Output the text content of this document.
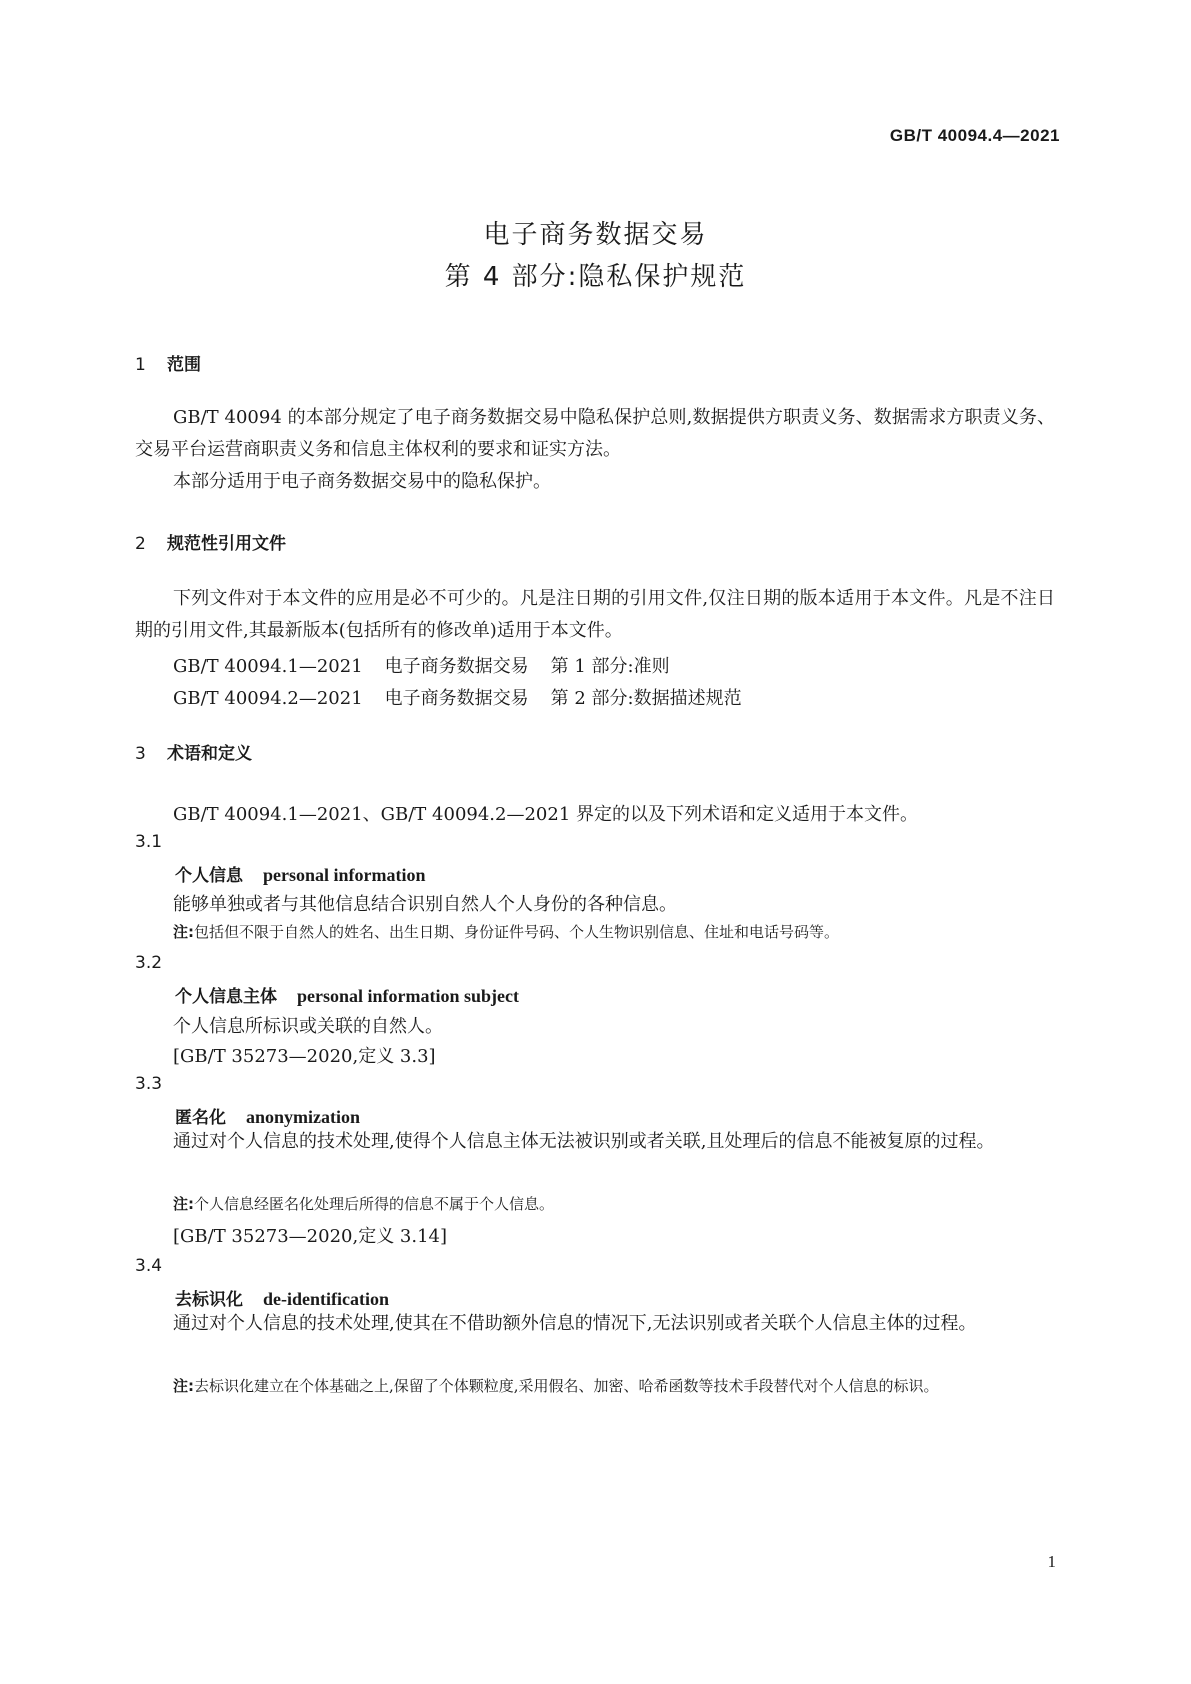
GB/T 40094.4—2021
电子商务数据交易
第 4 部分:隐私保护规范
1 范围
GB/T 40094 的本部分规定了电子商务数据交易中隐私保护总则,数据提供方职责义务、数据需求方职责义务、交易平台运营商职责义务和信息主体权利的要求和证实方法。
本部分适用于电子商务数据交易中的隐私保护。
2 规范性引用文件
下列文件对于本文件的应用是必不可少的。凡是注日期的引用文件,仅注日期的版本适用于本文件。凡是不注日期的引用文件,其最新版本(包括所有的修改单)适用于本文件。
GB/T 40094.1—2021 电子商务数据交易 第 1 部分:准则
GB/T 40094.2—2021 电子商务数据交易 第 2 部分:数据描述规范
3 术语和定义
GB/T 40094.1—2021、GB/T 40094.2—2021 界定的以及下列术语和定义适用于本文件。
3.1
个人信息 personal information
能够单独或者与其他信息结合识别自然人个人身份的各种信息。
注:包括但不限于自然人的姓名、出生日期、身份证件号码、个人生物识别信息、住址和电话号码等。
3.2
个人信息主体 personal information subject
个人信息所标识或关联的自然人。
[GB/T 35273—2020,定义 3.3]
3.3
匿名化 anonymization
通过对个人信息的技术处理,使得个人信息主体无法被识别或者关联,且处理后的信息不能被复原的过程。
注:个人信息经匿名化处理后所得的信息不属于个人信息。
[GB/T 35273—2020,定义 3.14]
3.4
去标识化 de-identification
通过对个人信息的技术处理,使其在不借助额外信息的情况下,无法识别或者关联个人信息主体的过程。
注:去标识化建立在个体基础之上,保留了个体颗粒度,采用假名、加密、哈希函数等技术手段替代对个人信息的标识。
1
